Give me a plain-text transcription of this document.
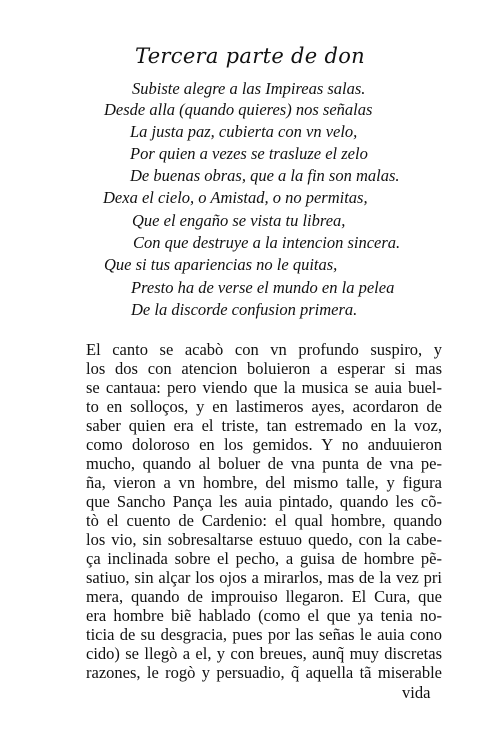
Tercera parte de don
Subiste alegre a las Impireas salas.
Desde alla (quando quieres) nos señalas
La justa paz, cubierta con vn velo,
Por quien a vezes se trasluze el zelo
De buenas obras, que a la fin son malas.
Dexa el cielo, o Amistad, o no permitas,
Que el engaño se vista tu librea,
Con que destruye a la intencion sincera.
Que si tus apariencias no le quitas,
Presto ha de verse el mundo en la pelea
De la discorde confusion primera.
El canto se acabò con vn profundo suspiro, y
los dos con atencion boluieron a esperar si mas
se cantaua: pero viendo que la musica se auia buel-
to en solloços, y en lastimeros ayes, acordaron de
saber quien era el triste, tan estremado en la voz,
como doloroso en los gemidos. Y no anduuieron
mucho, quando al boluer de vna punta de vna pe-
ña, vieron a vn hombre, del mismo talle, y figura
que Sancho Pança les auia pintado, quando les cõ-
tò el cuento de Cardenio: el qual hombre, quando
los vio, sin sobresaltarse estuuo quedo, con la cabe-
ça inclinada sobre el pecho, a guisa de hombre pẽ-
satiuo, sin alçar los ojos a mirarlos, mas de la vez pri
mera, quando de improuiso llegaron. El Cura, que
era hombre biẽ hablado (como el que ya tenia no-
ticia de su desgracia, pues por las señas le auia cono
cido) se llegò a el, y con breues, aunq̃ muy discretas
razones, le rogò y persuadio, q̃ aquella tã miserable
vida
